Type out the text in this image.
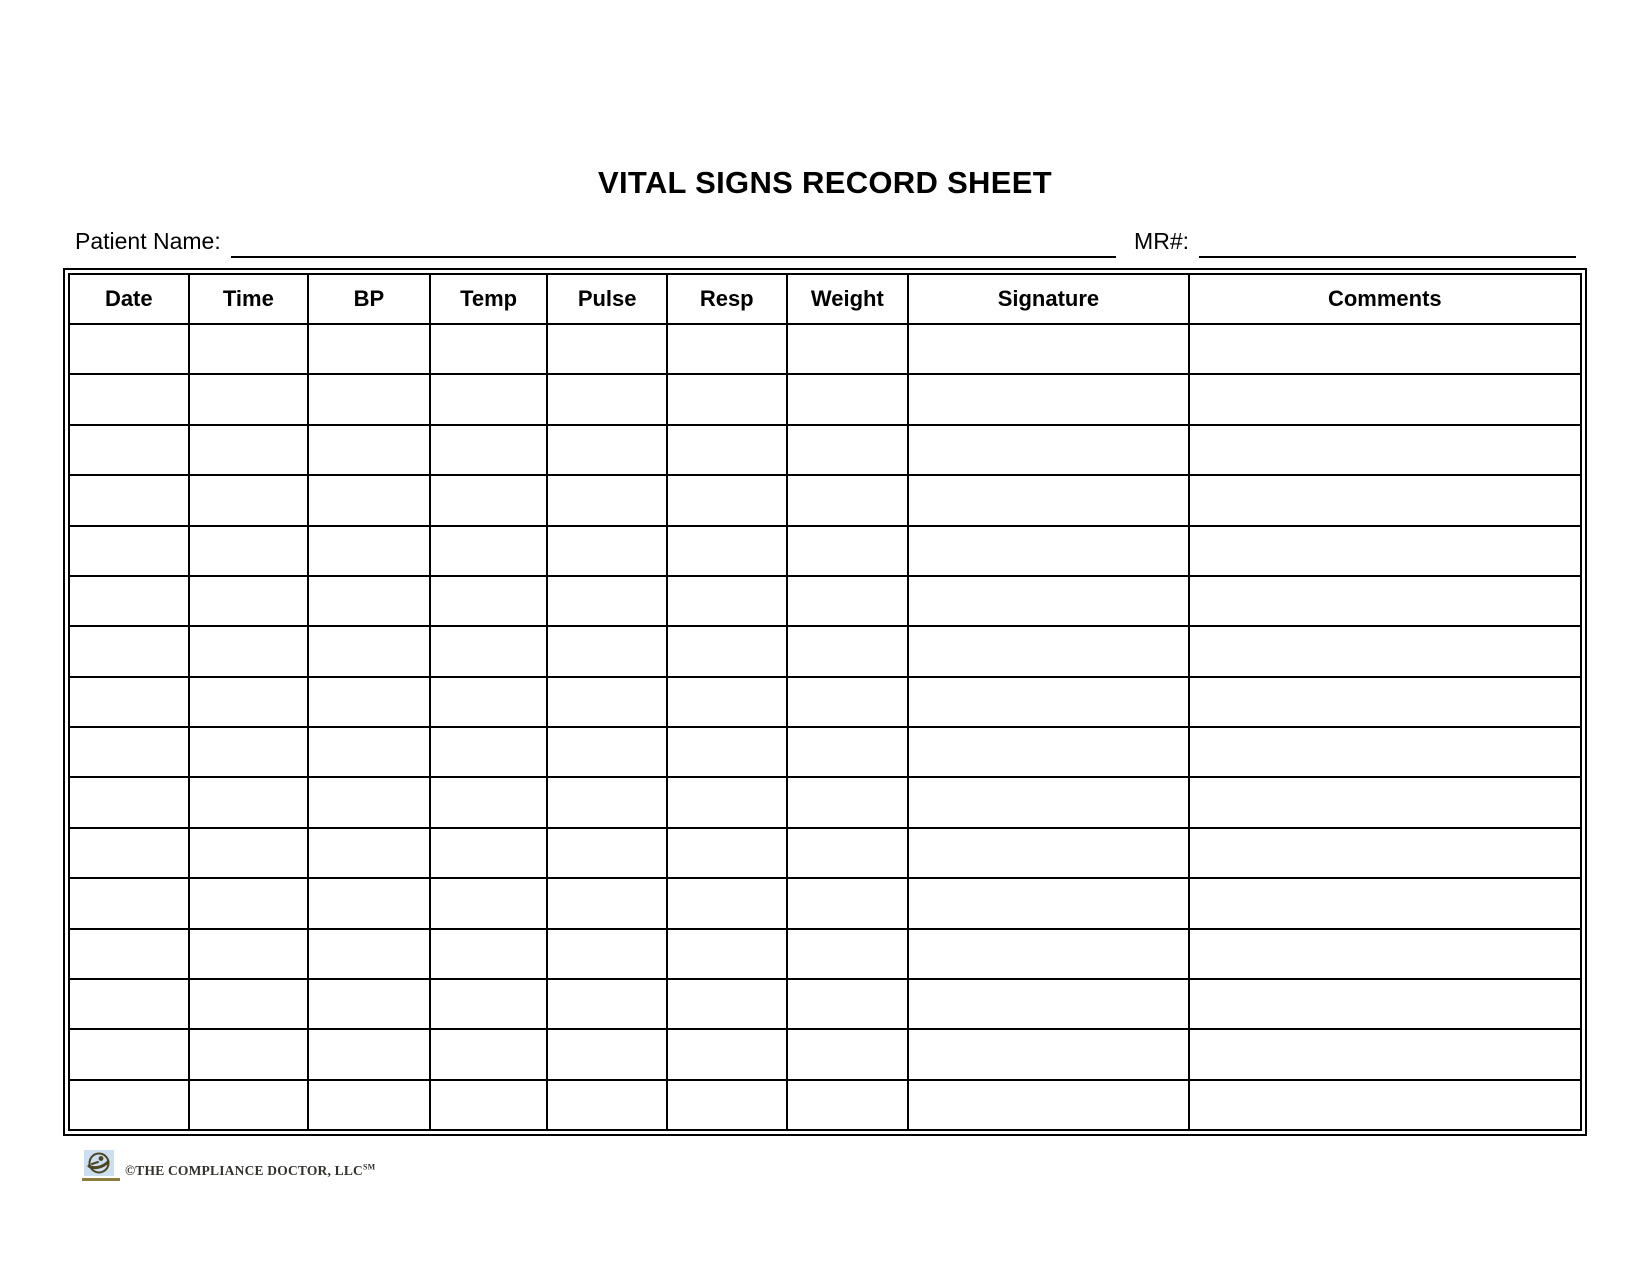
VITAL SIGNS RECORD SHEET
Patient Name:	MR#:
Date	Time	BP	Temp	Pulse	Resp	Weight	Signature	Comments

©THE COMPLIANCE DOCTOR, LLC℠
